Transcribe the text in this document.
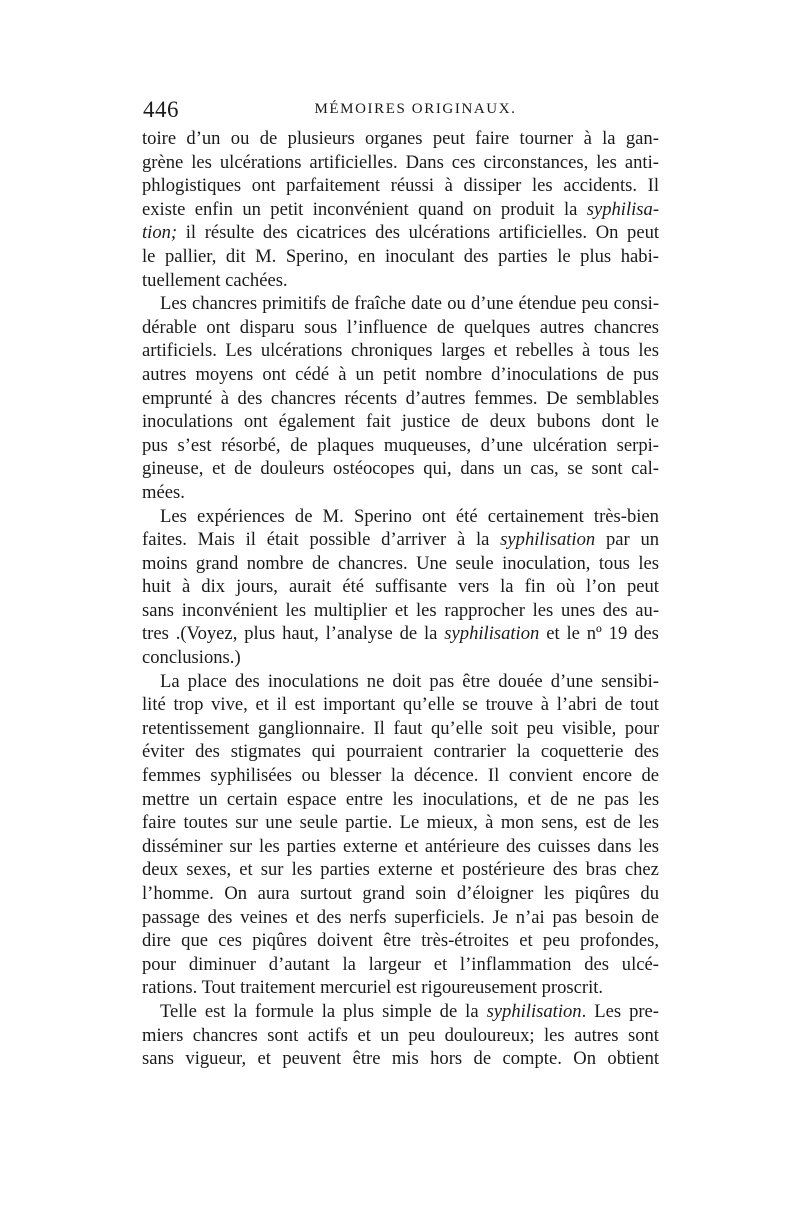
446	MÉMOIRES ORIGINAUX.
toire d’un ou de plusieurs organes peut faire tourner à la gan-
grène les ulcérations artificielles. Dans ces circonstances, les anti-
phlogistiques ont parfaitement réussi à dissiper les accidents. Il
existe enfin un petit inconvénient quand on produit la syphilisa-
tion; il résulte des cicatrices des ulcérations artificielles. On peut
le pallier, dit M. Sperino, en inoculant des parties le plus habi-
tuellement cachées.
Les chancres primitifs de fraîche date ou d’une étendue peu consi-
dérable ont disparu sous l’influence de quelques autres chancres
artificiels. Les ulcérations chroniques larges et rebelles à tous les
autres moyens ont cédé à un petit nombre d’inoculations de pus
emprunté à des chancres récents d’autres femmes. De semblables
inoculations ont également fait justice de deux bubons dont le
pus s’est résorbé, de plaques muqueuses, d’une ulcération serpi-
gineuse, et de douleurs ostéocopes qui, dans un cas, se sont cal-
mées.
Les expériences de M. Sperino ont été certainement très-bien
faites. Mais il était possible d’arriver à la syphilisation par un
moins grand nombre de chancres. Une seule inoculation, tous les
huit à dix jours, aurait été suffisante vers la fin où l’on peut
sans inconvénient les multiplier et les rapprocher les unes des au-
tres .(Voyez, plus haut, l’analyse de la syphilisation et le nº 19 des
conclusions.)
La place des inoculations ne doit pas être douée d’une sensibi-
lité trop vive, et il est important qu’elle se trouve à l’abri de tout
retentissement ganglionnaire. Il faut qu’elle soit peu visible, pour
éviter des stigmates qui pourraient contrarier la coquetterie des
femmes syphilisées ou blesser la décence. Il convient encore de
mettre un certain espace entre les inoculations, et de ne pas les
faire toutes sur une seule partie. Le mieux, à mon sens, est de les
disséminer sur les parties externe et antérieure des cuisses dans les
deux sexes, et sur les parties externe et postérieure des bras chez
l’homme. On aura surtout grand soin d’éloigner les piqûres du
passage des veines et des nerfs superficiels. Je n’ai pas besoin de
dire que ces piqûres doivent être très-étroites et peu profondes,
pour diminuer d’autant la largeur et l’inflammation des ulcé-
rations. Tout traitement mercuriel est rigoureusement proscrit.
Telle est la formule la plus simple de la syphilisation. Les pre-
miers chancres sont actifs et un peu douloureux; les autres sont
sans vigueur, et peuvent être mis hors de compte. On obtient
